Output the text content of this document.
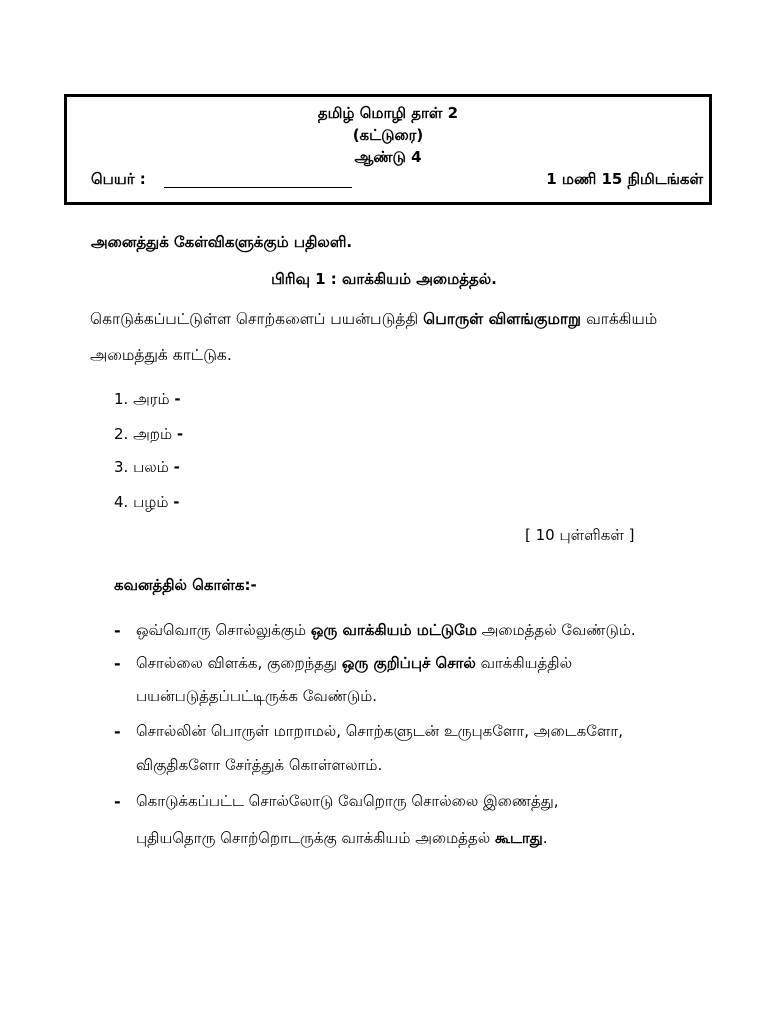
தமிழ் மொழி தாள் 2
(கட்டுரை)
ஆண்டு 4
பெயர் :	1 மணி 15 நிமிடங்கள்
அனைத்துக் கேள்விகளுக்கும் பதிலளி.
பிரிவு 1 : வாக்கியம் அமைத்தல்.
கொடுக்கப்பட்டுள்ள சொற்களைப் பயன்படுத்தி பொருள் விளங்குமாறு வாக்கியம்
அமைத்துக் காட்டுக.
1. அரம் -
2. அறம் -
3. பலம் -
4. பழம் -
[ 10 புள்ளிகள் ]
கவனத்தில் கொள்க:-
- ஒவ்வொரு சொல்லுக்கும் ஒரு வாக்கியம் மட்டுமே அமைத்தல் வேண்டும்.
- சொல்லை விளக்க, குறைந்தது ஒரு குறிப்புச் சொல் வாக்கியத்தில்
பயன்படுத்தப்பட்டிருக்க வேண்டும்.
- சொல்லின் பொருள் மாறாமல், சொற்களுடன் உருபுகளோ, அடைகளோ,
விகுதிகளோ சேர்த்துக் கொள்ளலாம்.
- கொடுக்கப்பட்ட சொல்லோடு வேறொரு சொல்லை இணைத்து,
புதியதொரு சொற்றொடருக்கு வாக்கியம் அமைத்தல் கூடாது.
